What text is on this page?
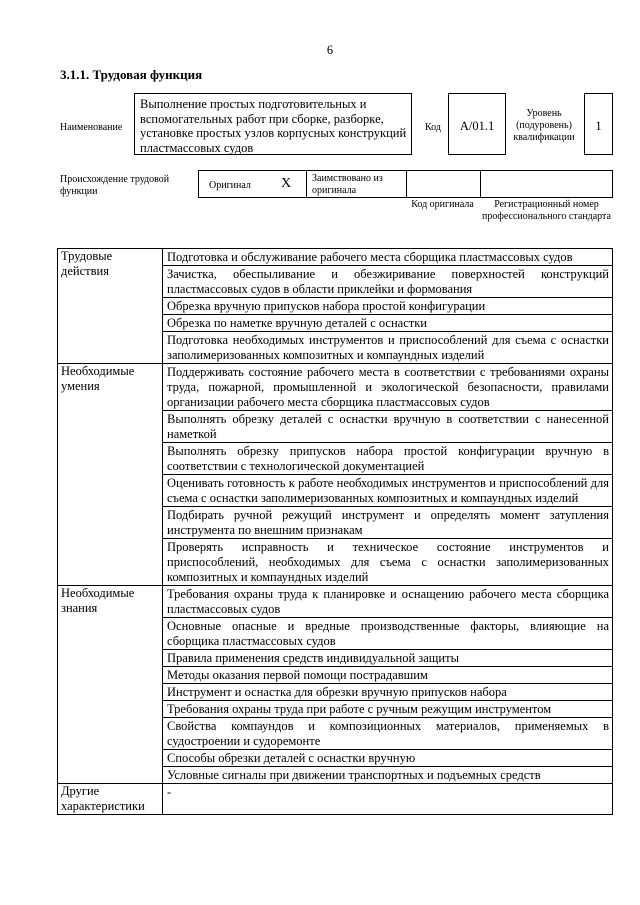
6
3.1.1. Трудовая функция
Наименование
Выполнение простых подготовительных и вспомогательных работ при сборке, разборке, установке простых узлов корпусных конструкций пластмассовых судов
Код	A/01.1
Уровень (подуровень) квалификации
1
Происхождение трудовой функции
Оригинал X Заимствовано из оригинала
Код оригинала	Регистрационный номер профессионального стандарта
Трудовые действия	Подготовка и обслуживание рабочего места сборщика пластмассовых судов
	Зачистка, обеспыливание и обезжиривание поверхностей конструкций пластмассовых судов в области приклейки и формования
	Обрезка вручную припусков набора простой конфигурации
	Обрезка по наметке вручную деталей с оснастки
	Подготовка необходимых инструментов и приспособлений для съема с оснастки заполимеризованных композитных и компаундных изделий
Необходимые умения	Поддерживать состояние рабочего места в соответствии с требованиями охраны труда, пожарной, промышленной и экологической безопасности, правилами организации рабочего места сборщика пластмассовых судов
	Выполнять обрезку деталей с оснастки вручную в соответствии с нанесенной наметкой
	Выполнять обрезку припусков набора простой конфигурации вручную в соответствии с технологической документацией
	Оценивать готовность к работе необходимых инструментов и приспособлений для съема с оснастки заполимеризованных композитных и компаундных изделий
	Подбирать ручной режущий инструмент и определять момент затупления инструмента по внешним признакам
	Проверять исправность и техническое состояние инструментов и приспособлений, необходимых для съема с оснастки заполимеризованных композитных и компаундных изделий
Необходимые знания	Требования охраны труда к планировке и оснащению рабочего места сборщика пластмассовых судов
	Основные опасные и вредные производственные факторы, влияющие на сборщика пластмассовых судов
	Правила применения средств индивидуальной защиты
	Методы оказания первой помощи пострадавшим
	Инструмент и оснастка для обрезки вручную припусков набора
	Требования охраны труда при работе с ручным режущим инструментом
	Свойства компаундов и композиционных материалов, применяемых в судостроении и судоремонте
	Способы обрезки деталей с оснастки вручную
	Условные сигналы при движении транспортных и подъемных средств
Другие характеристики	-
